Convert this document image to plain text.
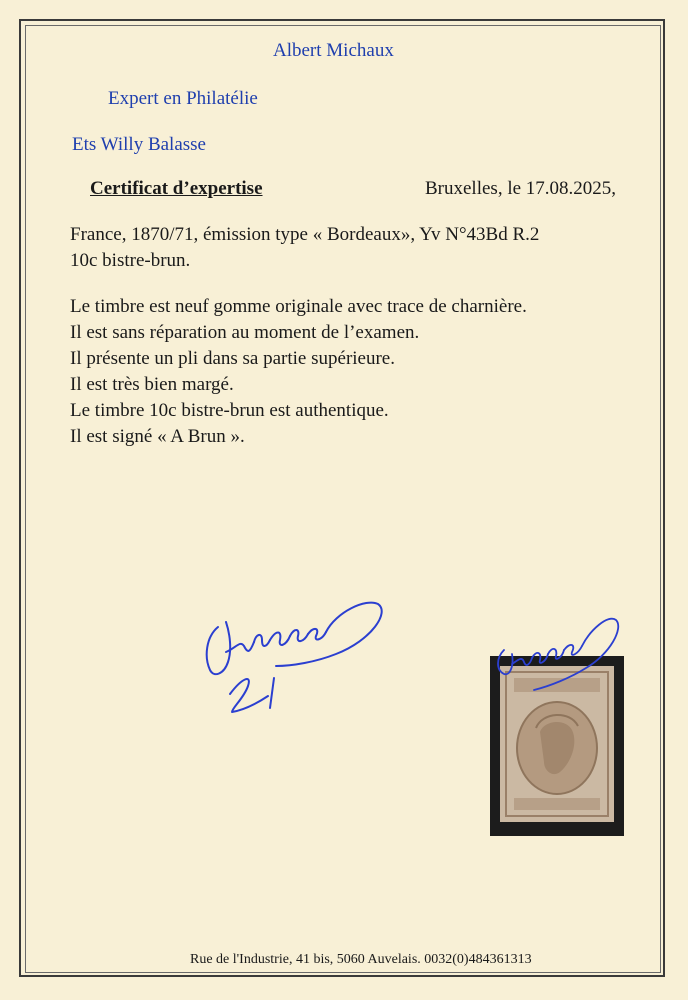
Albert Michaux
Expert en Philatélie
Ets Willy Balasse
Certificat d’expertise	Bruxelles, le 17.08.2025,
France, 1870/71, émission type « Bordeaux», Yv N°43Bd R.2
10c bistre-brun.
Le timbre est neuf gomme originale avec trace de charnière.
Il est sans réparation au moment de l’examen.
Il présente un pli dans sa partie supérieure.
Il est très bien margé.
Le timbre 10c bistre-brun est authentique.
Il est signé « A Brun ».
Rue de l'Industrie, 41 bis, 5060 Auvelais. 0032(0)484361313
